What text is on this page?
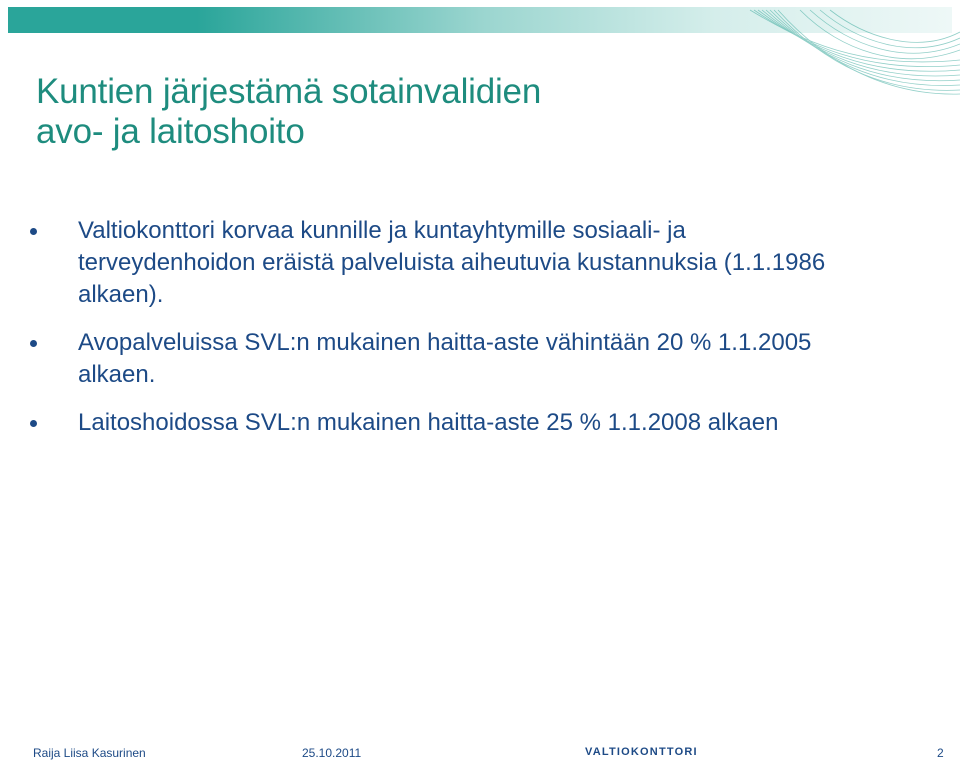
Kuntien järjestämä sotainvalidien
avo- ja laitoshoito
Valtiokonttori korvaa kunnille ja kuntayhtymille sosiaali- ja terveydenhoidon eräistä palveluista aiheutuvia kustannuksia (1.1.1986 alkaen).
Avopalveluissa SVL:n mukainen haitta-aste vähintään 20 % 1.1.2005 alkaen.
Laitoshoidossa SVL:n mukainen haitta-aste 25 % 1.1.2008 alkaen
Raija Liisa Kasurinen	25.10.2011	VALTIOKONTTORI	2
